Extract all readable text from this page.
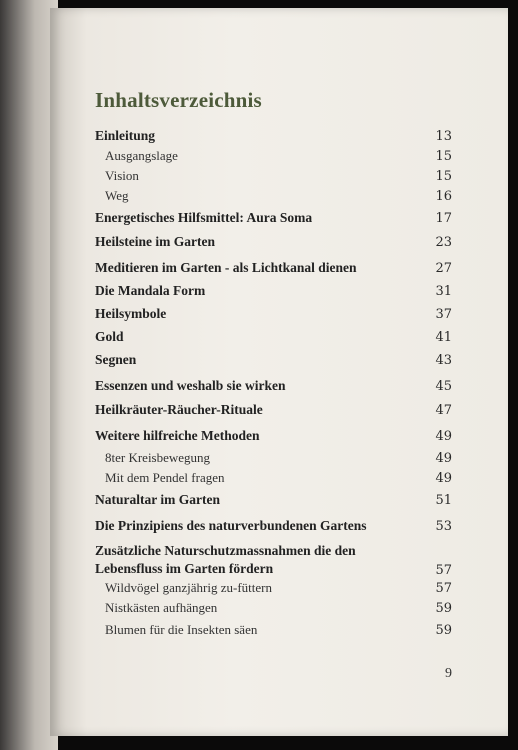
Inhaltsverzeichnis
Einleitung	13
Ausgangslage	15
Vision	15
Weg	16
Energetisches Hilfsmittel: Aura Soma	17
Heilsteine im Garten	23
Meditieren im Garten - als Lichtkanal dienen	27
Die Mandala Form	31
Heilsymbole	37
Gold	41
Segnen	43
Essenzen und weshalb sie wirken	45
Heilkräuter-Räucher-Rituale	47
Weitere hilfreiche Methoden	49
8ter Kreisbewegung	49
Mit dem Pendel fragen	49
Naturaltar im Garten	51
Die Prinzipiens des naturverbundenen Gartens	53
Zusätzliche Naturschutzmassnahmen die den Lebensfluss im Garten fördern	57
Wildvögel ganzjährig zu-füttern	57
Nistkästen aufhängen	59
Blumen für die Insekten säen	59
9
